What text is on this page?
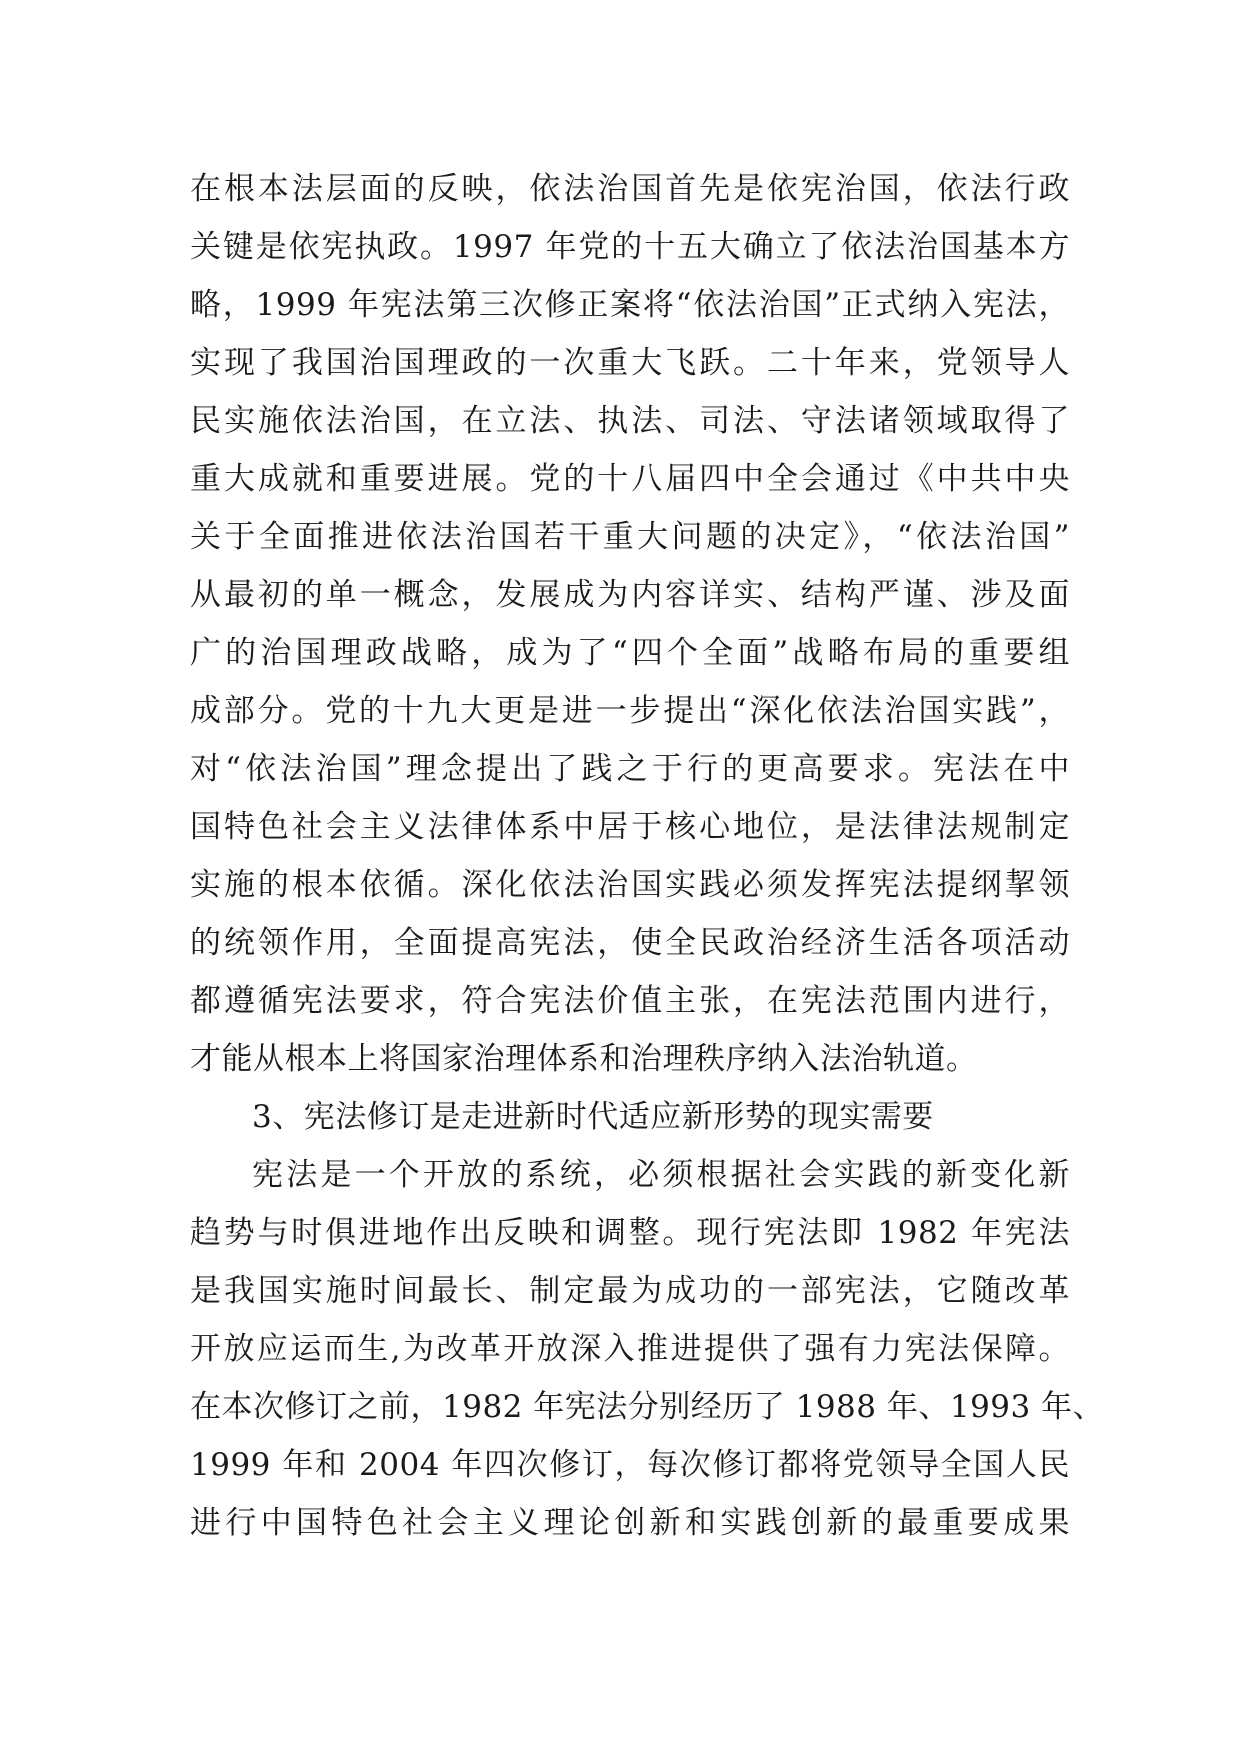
在根本法层面的反映，依法治国首先是依宪治国，依法行政
关键是依宪执政。1997 年党的十五大确立了依法治国基本方
略，1999 年宪法第三次修正案将“依法治国”正式纳入宪法，
实现了我国治国理政的一次重大飞跃。二十年来，党领导人
民实施依法治国，在立法、执法、司法、守法诸领域取得了
重大成就和重要进展。党的十八届四中全会通过《中共中央
关于全面推进依法治国若干重大问题的决定》，“依法治国”
从最初的单一概念，发展成为内容详实、结构严谨、涉及面
广的治国理政战略，成为了“四个全面”战略布局的重要组
成部分。党的十九大更是进一步提出“深化依法治国实践”，
对“依法治国”理念提出了践之于行的更高要求。宪法在中
国特色社会主义法律体系中居于核心地位，是法律法规制定
实施的根本依循。深化依法治国实践必须发挥宪法提纲挈领
的统领作用，全面提高宪法，使全民政治经济生活各项活动
都遵循宪法要求，符合宪法价值主张，在宪法范围内进行，
才能从根本上将国家治理体系和治理秩序纳入法治轨道。
3、宪法修订是走进新时代适应新形势的现实需要
宪法是一个开放的系统，必须根据社会实践的新变化新
趋势与时俱进地作出反映和调整。现行宪法即 1982 年宪法
是我国实施时间最长、制定最为成功的一部宪法，它随改革
开放应运而生,为改革开放深入推进提供了强有力宪法保障。
在本次修订之前，1982 年宪法分别经历了 1988 年、1993 年、
1999 年和 2004 年四次修订，每次修订都将党领导全国人民
进行中国特色社会主义理论创新和实践创新的最重要成果
